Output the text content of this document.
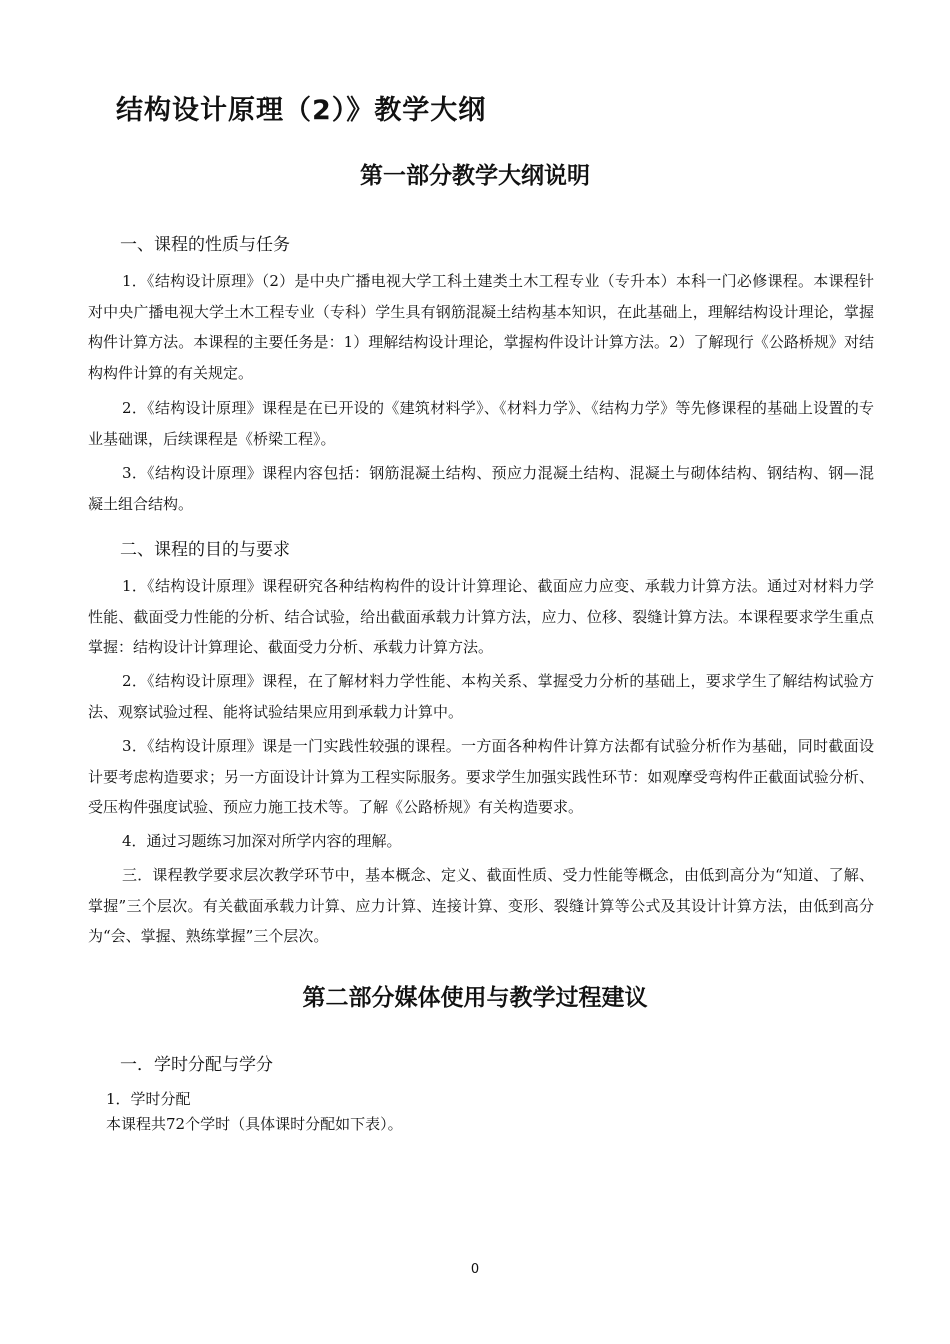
结构设计原理（2）》教学大纲
第一部分教学大纲说明
一、课程的性质与任务

1．《结构设计原理》（2）是中央广播电视大学工科土建类土木工程专业（专升本）本科一门必修课程。本课程针对中央广播电视大学土木工程专业（专科）学生具有钢筋混凝土结构基本知识，在此基础上，理解结构设计理论，掌握构件计算方法。本课程的主要任务是：1）理解结构设计理论，掌握构件设计计算方法。2）了解现行《公路桥规》对结构构件计算的有关规定。

2．《结构设计原理》课程是在已开设的《建筑材料学》、《材料力学》、《结构力学》等先修课程的基础上设置的专业基础课，后续课程是《桥梁工程》。

3．《结构设计原理》课程内容包括：钢筋混凝土结构、预应力混凝土结构、混凝土与砌体结构、钢结构、钢—混凝土组合结构。

二、课程的目的与要求

1．《结构设计原理》课程研究各种结构构件的设计计算理论、截面应力应变、承载力计算方法。通过对材料力学性能、截面受力性能的分析、结合试验，给出截面承载力计算方法，应力、位移、裂缝计算方法。本课程要求学生重点掌握：结构设计计算理论、截面受力分析、承载力计算方法。

2．《结构设计原理》课程，在了解材料力学性能、本构关系、掌握受力分析的基础上，要求学生了解结构试验方法、观察试验过程、能将试验结果应用到承载力计算中。

3．《结构设计原理》课是一门实践性较强的课程。一方面各种构件计算方法都有试验分析作为基础，同时截面设计要考虑构造要求；另一方面设计计算为工程实际服务。要求学生加强实践性环节：如观摩受弯构件正截面试验分析、受压构件强度试验、预应力施工技术等。了解《公路桥规》有关构造要求。

4．通过习题练习加深对所学内容的理解。

三．课程教学要求层次教学环节中，基本概念、定义、截面性质、受力性能等概念，由低到高分为“知道、了解、掌握”三个层次。有关截面承载力计算、应力计算、连接计算、变形、裂缝计算等公式及其设计计算方法，由低到高分为“会、掌握、熟练掌握”三个层次。

第二部分媒体使用与教学过程建议
一．学时分配与学分
1．学时分配
本课程共72个学时（具体课时分配如下表）。
0
